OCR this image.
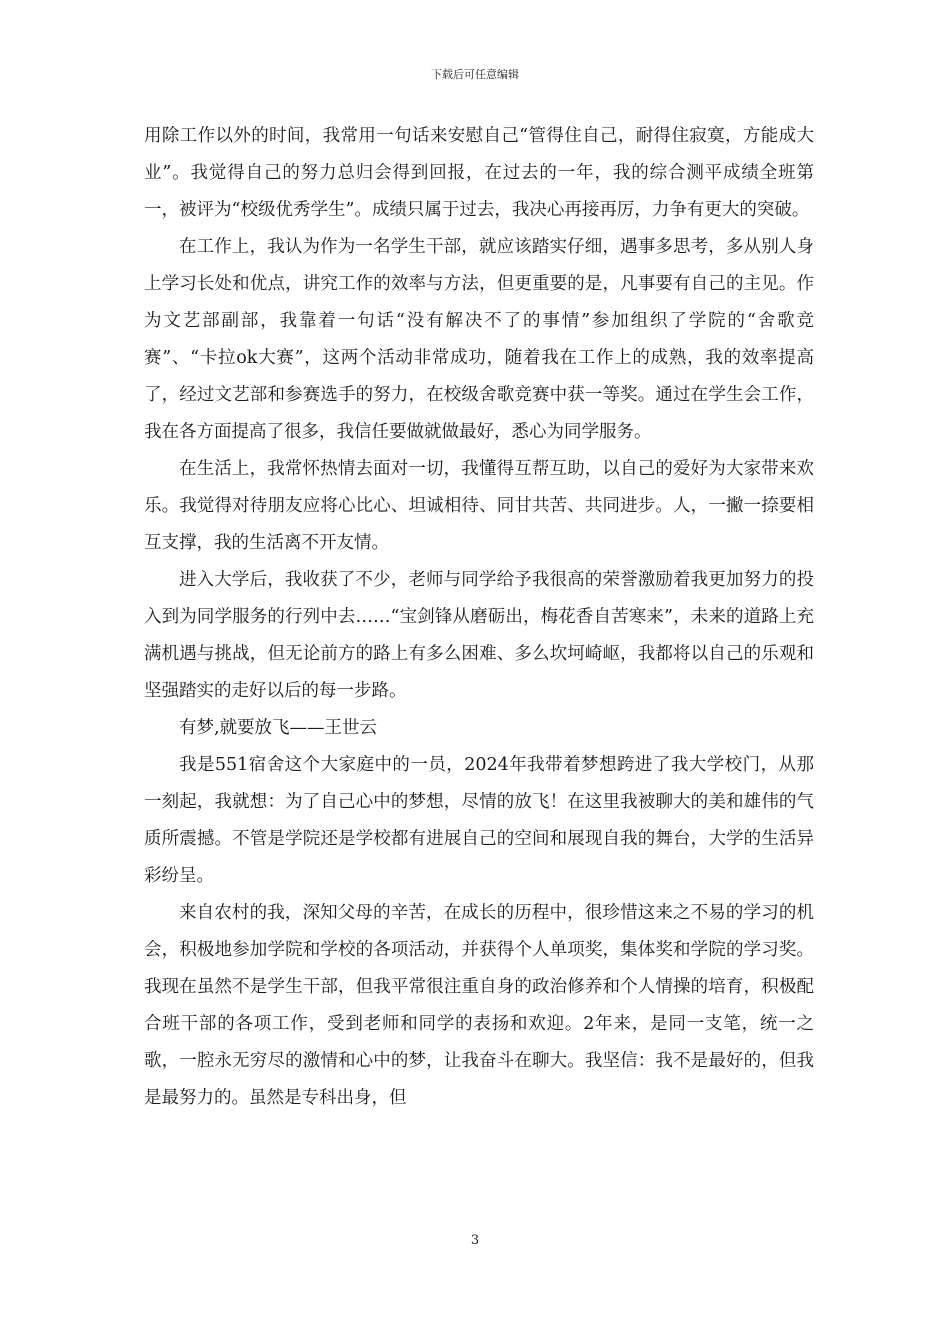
下载后可任意编辑

用除工作以外的时间，我常用一句话来安慰自己“管得住自己，耐得住寂寞，方能成大业”。我觉得自己的努力总归会得到回报，在过去的一年，我的综合测平成绩全班第一，被评为“校级优秀学生”。成绩只属于过去，我决心再接再厉，力争有更大的突破。

在工作上，我认为作为一名学生干部，就应该踏实仔细，遇事多思考，多从别人身上学习长处和优点，讲究工作的效率与方法，但更重要的是，凡事要有自己的主见。作为文艺部副部，我靠着一句话“没有解决不了的事情”参加组织了学院的“舍歌竞赛”、“卡拉ok大赛”，这两个活动非常成功，随着我在工作上的成熟，我的效率提高了，经过文艺部和参赛选手的努力，在校级舍歌竞赛中获一等奖。通过在学生会工作，我在各方面提高了很多，我信任要做就做最好，悉心为同学服务。

在生活上，我常怀热情去面对一切，我懂得互帮互助，以自己的爱好为大家带来欢乐。我觉得对待朋友应将心比心、坦诚相待、同甘共苦、共同进步。人，一撇一捺要相互支撑，我的生活离不开友情。

进入大学后，我收获了不少，老师与同学给予我很高的荣誉激励着我更加努力的投入到为同学服务的行列中去……“宝剑锋从磨砺出，梅花香自苦寒来”，未来的道路上充满机遇与挑战，但无论前方的路上有多么困难、多么坎坷崎岖，我都将以自己的乐观和坚强踏实的走好以后的每一步路。

有梦,就要放飞——王世云

我是551宿舍这个大家庭中的一员，2024年我带着梦想跨进了我大学校门，从那一刻起，我就想：为了自己心中的梦想，尽情的放飞！在这里我被聊大的美和雄伟的气质所震撼。不管是学院还是学校都有进展自己的空间和展现自我的舞台，大学的生活异彩纷呈。

来自农村的我，深知父母的辛苦，在成长的历程中，很珍惜这来之不易的学习的机会，积极地参加学院和学校的各项活动，并获得个人单项奖，集体奖和学院的学习奖。我现在虽然不是学生干部，但我平常很注重自身的政治修养和个人情操的培育，积极配合班干部的各项工作，受到老师和同学的表扬和欢迎。2年来，是同一支笔，统一之歌，一腔永无穷尽的激情和心中的梦，让我奋斗在聊大。我坚信：我不是最好的，但我是最努力的。虽然是专科出身，但

3
